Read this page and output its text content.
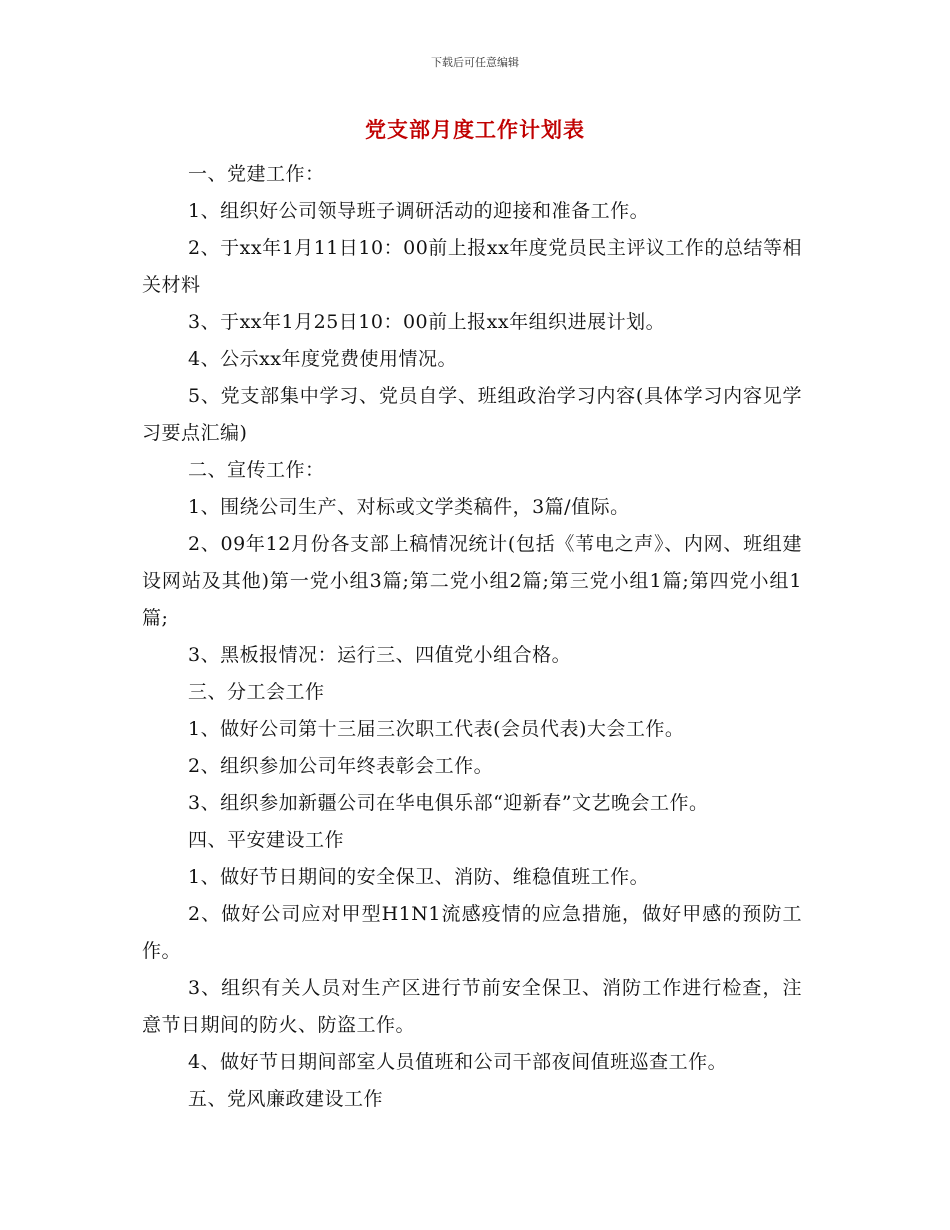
下载后可任意编辑
党支部月度工作计划表

一、党建工作：

1、组织好公司领导班子调研活动的迎接和准备工作。

2、于xx年1月11日10：00前上报xx年度党员民主评议工作的总结等相关材料

3、于xx年1月25日10：00前上报xx年组织进展计划。

4、公示xx年度党费使用情况。

5、党支部集中学习、党员自学、班组政治学习内容(具体学习内容见学习要点汇编)

二、宣传工作：

1、围绕公司生产、对标或文学类稿件，3篇/值际。

2、09年12月份各支部上稿情况统计(包括《苇电之声》、内网、班组建设网站及其他)第一党小组3篇;第二党小组2篇;第三党小组1篇;第四党小组1篇;

3、黑板报情况：运行三、四值党小组合格。

三、分工会工作

1、做好公司第十三届三次职工代表(会员代表)大会工作。

2、组织参加公司年终表彰会工作。

3、组织参加新疆公司在华电俱乐部“迎新春”文艺晚会工作。

四、平安建设工作

1、做好节日期间的安全保卫、消防、维稳值班工作。

2、做好公司应对甲型H1N1流感疫情的应急措施，做好甲感的预防工作。

3、组织有关人员对生产区进行节前安全保卫、消防工作进行检查，注意节日期间的防火、防盗工作。

4、做好节日期间部室人员值班和公司干部夜间值班巡查工作。

五、党风廉政建设工作
